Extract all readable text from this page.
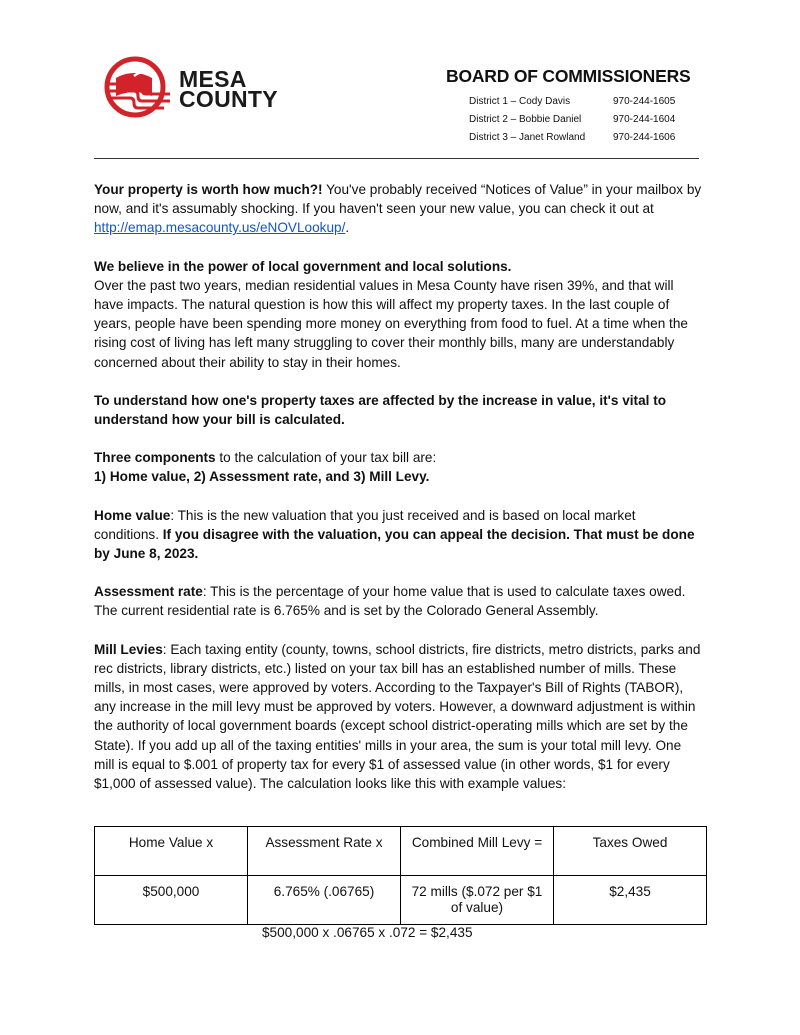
MESA
COUNTY
BOARD OF COMMISSIONERS
District 1 – Cody Davis	970-244-1605
District 2 – Bobbie Daniel	970-244-1604
District 3 – Janet Rowland	970-244-1606

Your property is worth how much?! You've probably received “Notices of Value” in your mailbox by now, and it's assumably shocking. If you haven't seen your new value, you can check it out at http://emap.mesacounty.us/eNOVLookup/.

We believe in the power of local government and local solutions.
Over the past two years, median residential values in Mesa County have risen 39%, and that will have impacts. The natural question is how this will affect my property taxes. In the last couple of years, people have been spending more money on everything from food to fuel. At a time when the rising cost of living has left many struggling to cover their monthly bills, many are understandably concerned about their ability to stay in their homes.

To understand how one's property taxes are affected by the increase in value, it's vital to understand how your bill is calculated.

Three components to the calculation of your tax bill are:
1) Home value, 2) Assessment rate, and 3) Mill Levy.

Home value: This is the new valuation that you just received and is based on local market conditions. If you disagree with the valuation, you can appeal the decision. That must be done by June 8, 2023.

Assessment rate: This is the percentage of your home value that is used to calculate taxes owed. The current residential rate is 6.765% and is set by the Colorado General Assembly.

Mill Levies: Each taxing entity (county, towns, school districts, fire districts, metro districts, parks and rec districts, library districts, etc.) listed on your tax bill has an established number of mills. These mills, in most cases, were approved by voters. According to the Taxpayer's Bill of Rights (TABOR), any increase in the mill levy must be approved by voters. However, a downward adjustment is within the authority of local government boards (except school district-operating mills which are set by the State). If you add up all of the taxing entities' mills in your area, the sum is your total mill levy. One mill is equal to $.001 of property tax for every $1 of assessed value (in other words, $1 for every $1,000 of assessed value). The calculation looks like this with example values:

Home Value x	Assessment Rate x	Combined Mill Levy =	Taxes Owed
$500,000	6.765% (.06765)	72 mills ($.072 per $1 of value)	$2,435
$500,000 x .06765 x .072 = $2,435
